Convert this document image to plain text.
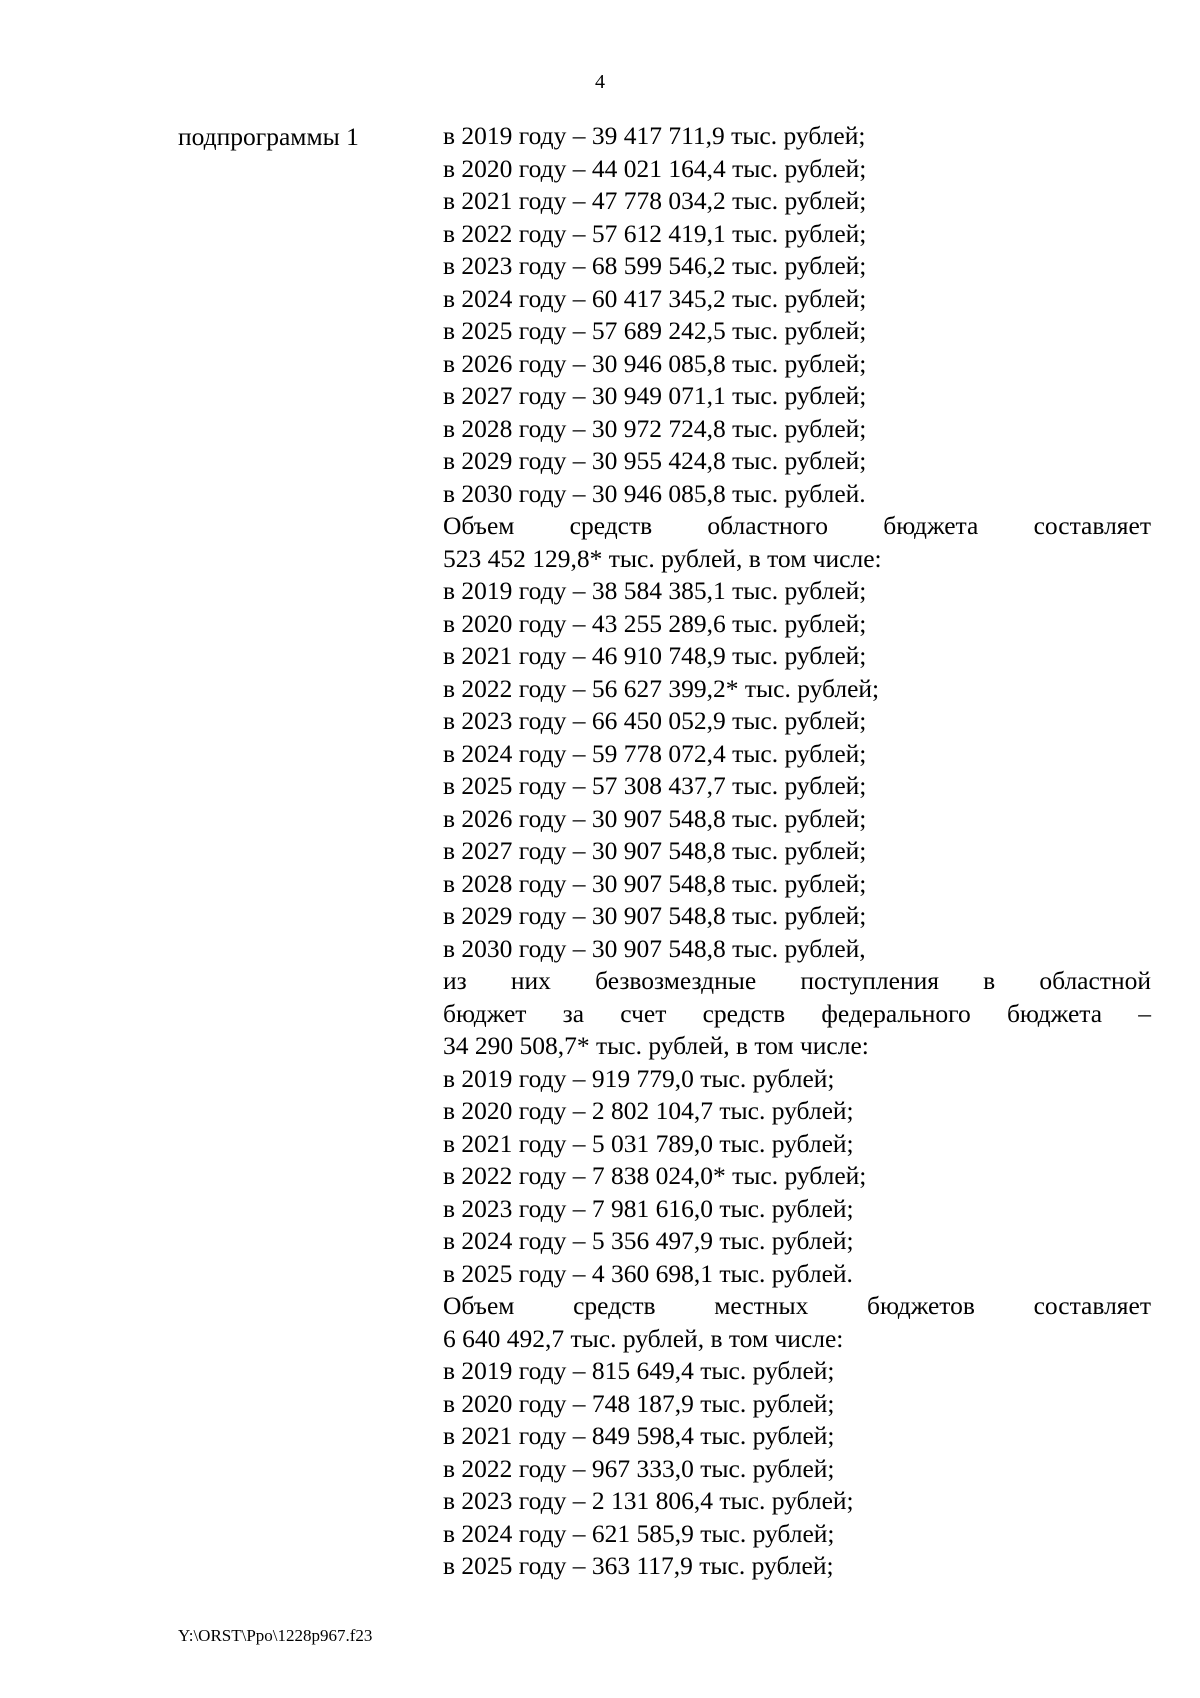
4
подпрограммы 1	в 2019 году – 39 417 711,9 тыс. рублей;
в 2020 году – 44 021 164,4 тыс. рублей;
в 2021 году – 47 778 034,2 тыс. рублей;
в 2022 году – 57 612 419,1 тыс. рублей;
в 2023 году – 68 599 546,2 тыс. рублей;
в 2024 году – 60 417 345,2 тыс. рублей;
в 2025 году – 57 689 242,5 тыс. рублей;
в 2026 году – 30 946 085,8 тыс. рублей;
в 2027 году – 30 949 071,1 тыс. рублей;
в 2028 году – 30 972 724,8 тыс. рублей;
в 2029 году – 30 955 424,8 тыс. рублей;
в 2030 году – 30 946 085,8 тыс. рублей.
Объем средств областного бюджета составляет
523 452 129,8* тыс. рублей, в том числе:
в 2019 году – 38 584 385,1 тыс. рублей;
в 2020 году – 43 255 289,6 тыс. рублей;
в 2021 году – 46 910 748,9 тыс. рублей;
в 2022 году – 56 627 399,2* тыс. рублей;
в 2023 году – 66 450 052,9 тыс. рублей;
в 2024 году – 59 778 072,4 тыс. рублей;
в 2025 году – 57 308 437,7 тыс. рублей;
в 2026 году – 30 907 548,8 тыс. рублей;
в 2027 году – 30 907 548,8 тыс. рублей;
в 2028 году – 30 907 548,8 тыс. рублей;
в 2029 году – 30 907 548,8 тыс. рублей;
в 2030 году – 30 907 548,8 тыс. рублей,
из них безвозмездные поступления в областной
бюджет за счет средств федерального бюджета –
34 290 508,7* тыс. рублей, в том числе:
в 2019 году – 919 779,0 тыс. рублей;
в 2020 году – 2 802 104,7 тыс. рублей;
в 2021 году – 5 031 789,0 тыс. рублей;
в 2022 году – 7 838 024,0* тыс. рублей;
в 2023 году – 7 981 616,0 тыс. рублей;
в 2024 году – 5 356 497,9 тыс. рублей;
в 2025 году – 4 360 698,1 тыс. рублей.
Объем средств местных бюджетов составляет
6 640 492,7 тыс. рублей, в том числе:
в 2019 году – 815 649,4 тыс. рублей;
в 2020 году – 748 187,9 тыс. рублей;
в 2021 году – 849 598,4 тыс. рублей;
в 2022 году – 967 333,0 тыс. рублей;
в 2023 году – 2 131 806,4 тыс. рублей;
в 2024 году – 621 585,9 тыс. рублей;
в 2025 году – 363 117,9 тыс. рублей;
Y:\ORST\Ppo\1228p967.f23
